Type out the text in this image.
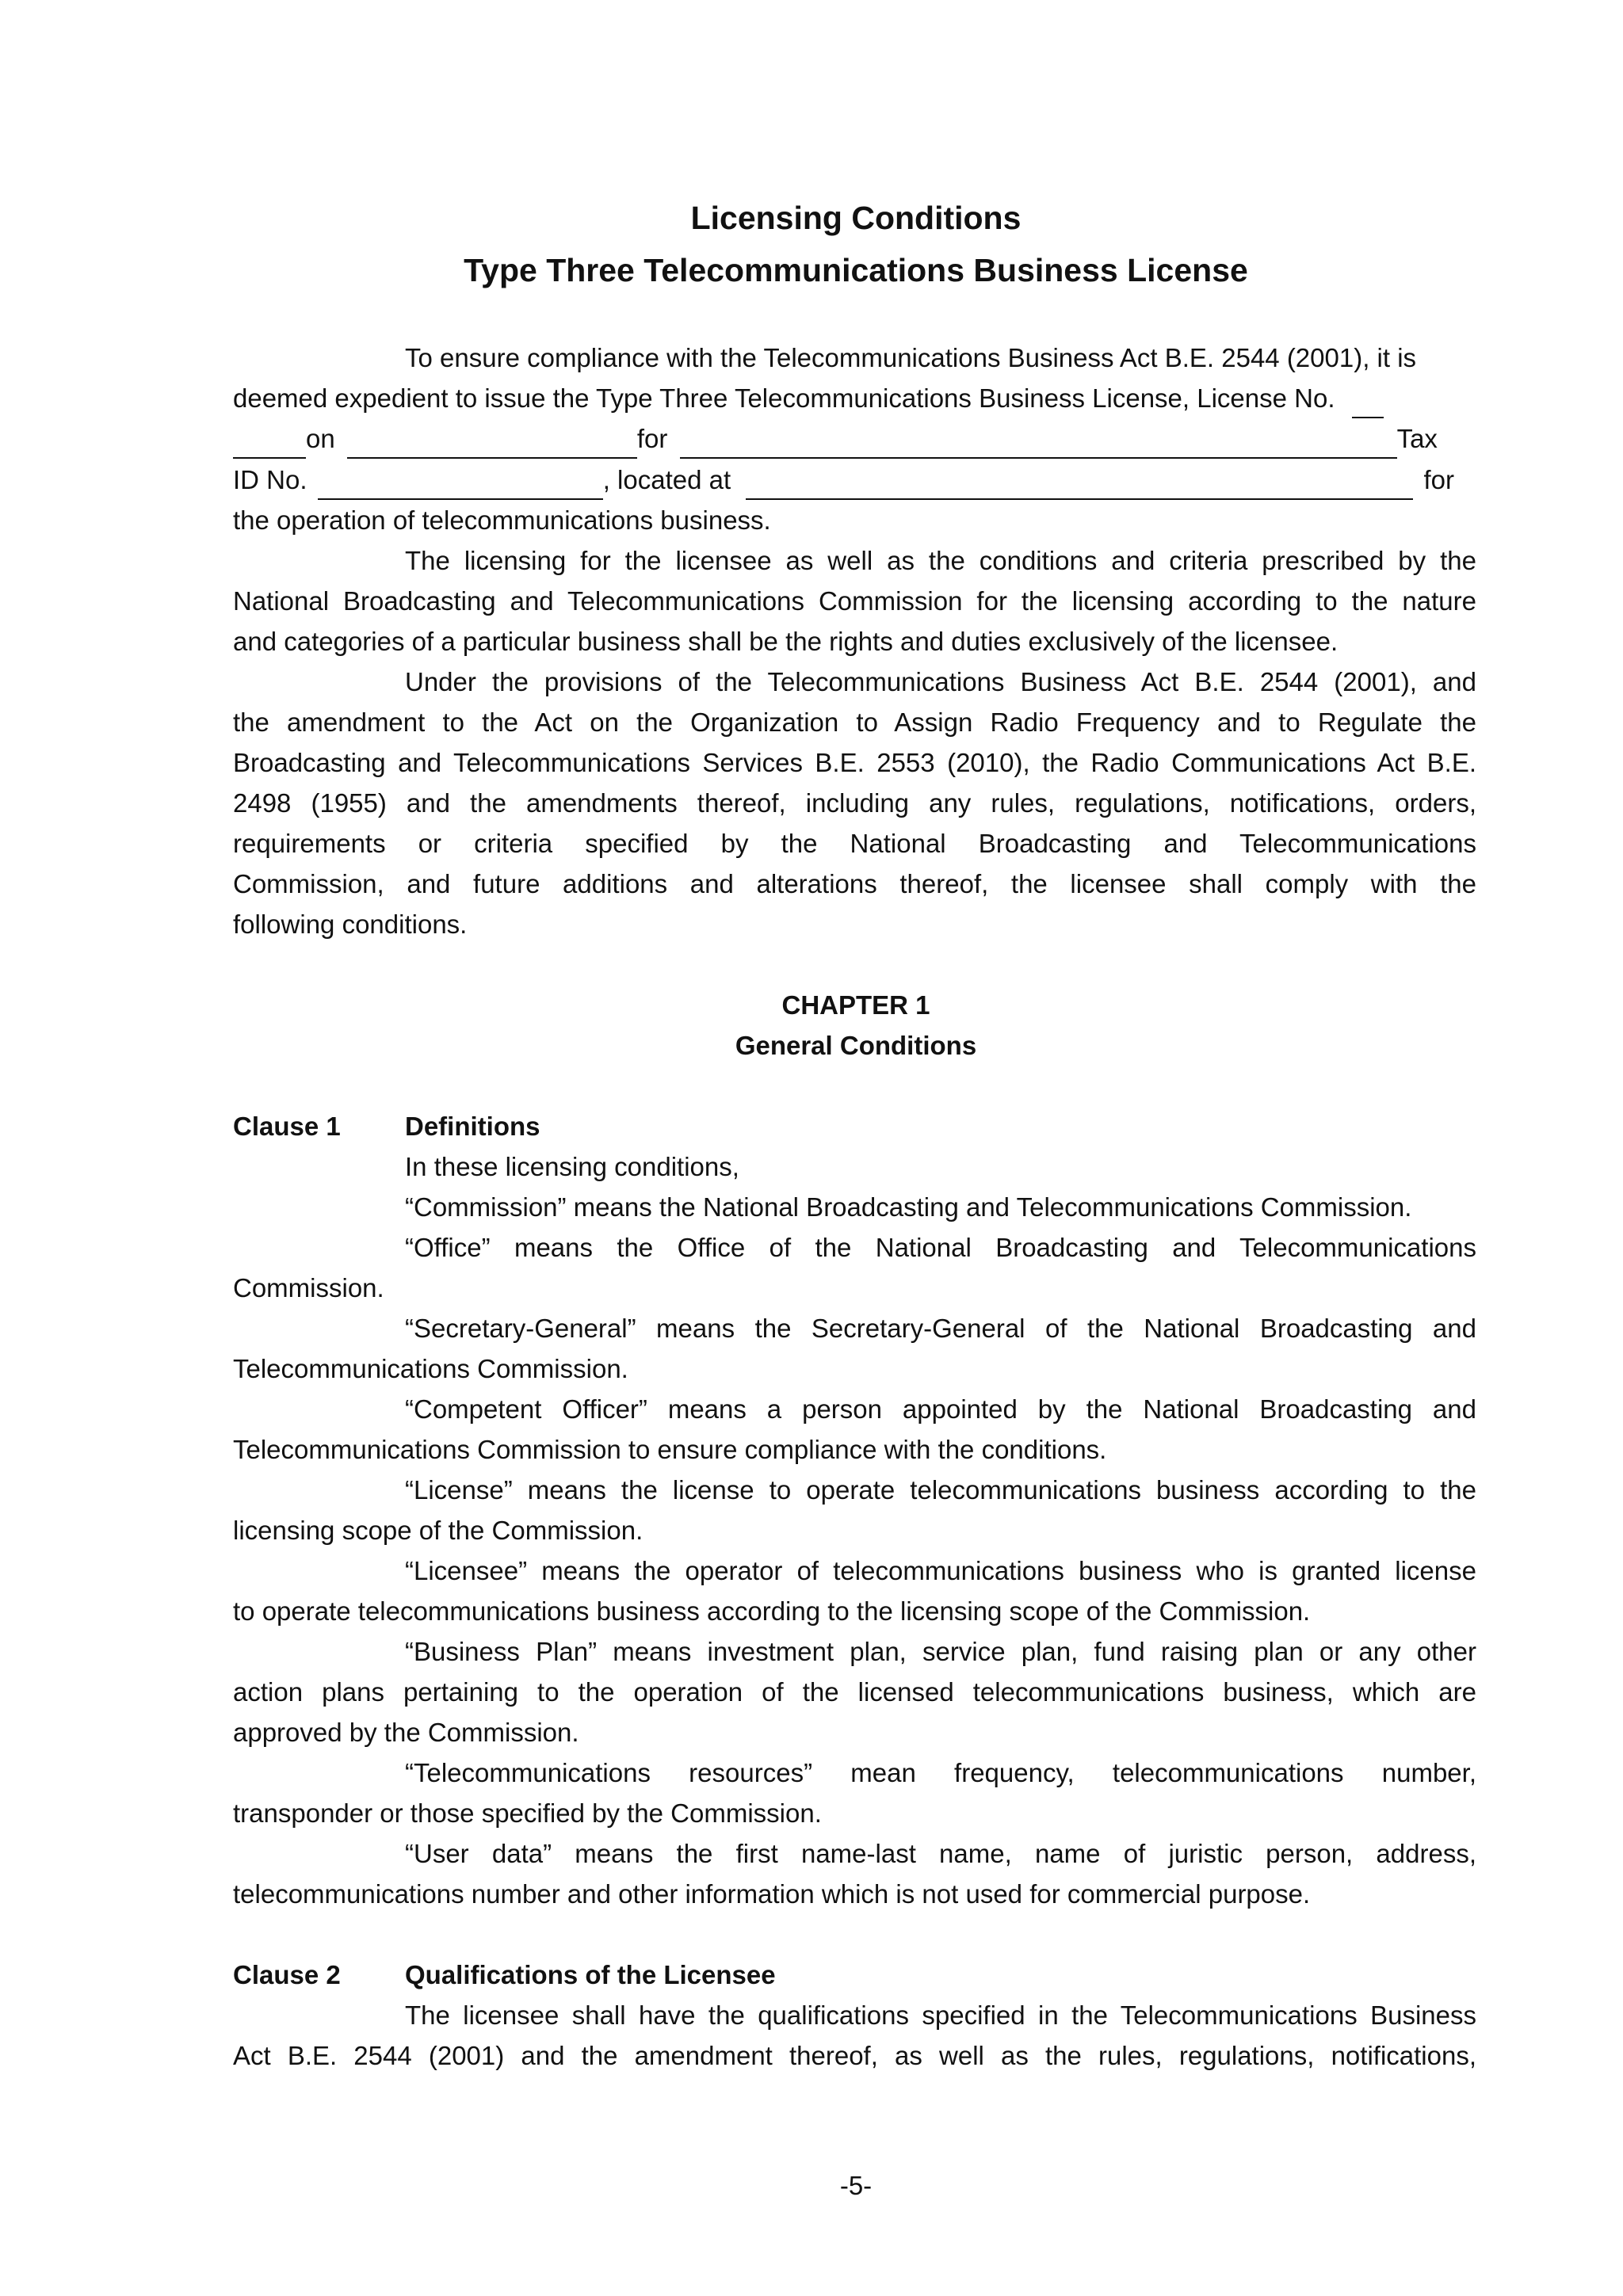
Licensing Conditions
Type Three Telecommunications Business License
To ensure compliance with the Telecommunications Business Act B.E. 2544 (2001), it is
deemed expedient to issue the Type Three Telecommunications Business License, License No.
on	for	Tax
ID No.	, located at	for
the operation of telecommunications business.
The licensing for the licensee as well as the conditions and criteria prescribed by the
National Broadcasting and Telecommunications Commission for the licensing according to the nature
and categories of a particular business shall be the rights and duties exclusively of the licensee.
Under the provisions of the Telecommunications Business Act B.E. 2544 (2001), and
the amendment to the Act on the Organization to Assign Radio Frequency and to Regulate the
Broadcasting and Telecommunications Services B.E. 2553 (2010), the Radio Communications Act B.E.
2498 (1955) and the amendments thereof, including any rules, regulations, notifications, orders,
requirements or criteria specified by the National Broadcasting and Telecommunications
Commission, and future additions and alterations thereof, the licensee shall comply with the
following conditions.
CHAPTER 1
General Conditions
Clause 1 Definitions
In these licensing conditions,
“Commission” means the National Broadcasting and Telecommunications Commission.
“Office” means the Office of the National Broadcasting and Telecommunications
Commission.
“Secretary-General” means the Secretary-General of the National Broadcasting and
Telecommunications Commission.
“Competent Officer” means a person appointed by the National Broadcasting and
Telecommunications Commission to ensure compliance with the conditions.
“License” means the license to operate telecommunications business according to the
licensing scope of the Commission.
“Licensee” means the operator of telecommunications business who is granted license
to operate telecommunications business according to the licensing scope of the Commission.
“Business Plan” means investment plan, service plan, fund raising plan or any other
action plans pertaining to the operation of the licensed telecommunications business, which are
approved by the Commission.
“Telecommunications resources” mean frequency, telecommunications number,
transponder or those specified by the Commission.
“User data” means the first name-last name, name of juristic person, address,
telecommunications number and other information which is not used for commercial purpose.
Clause 2 Qualifications of the Licensee
The licensee shall have the qualifications specified in the Telecommunications Business
Act B.E. 2544 (2001) and the amendment thereof, as well as the rules, regulations, notifications,
-5-
